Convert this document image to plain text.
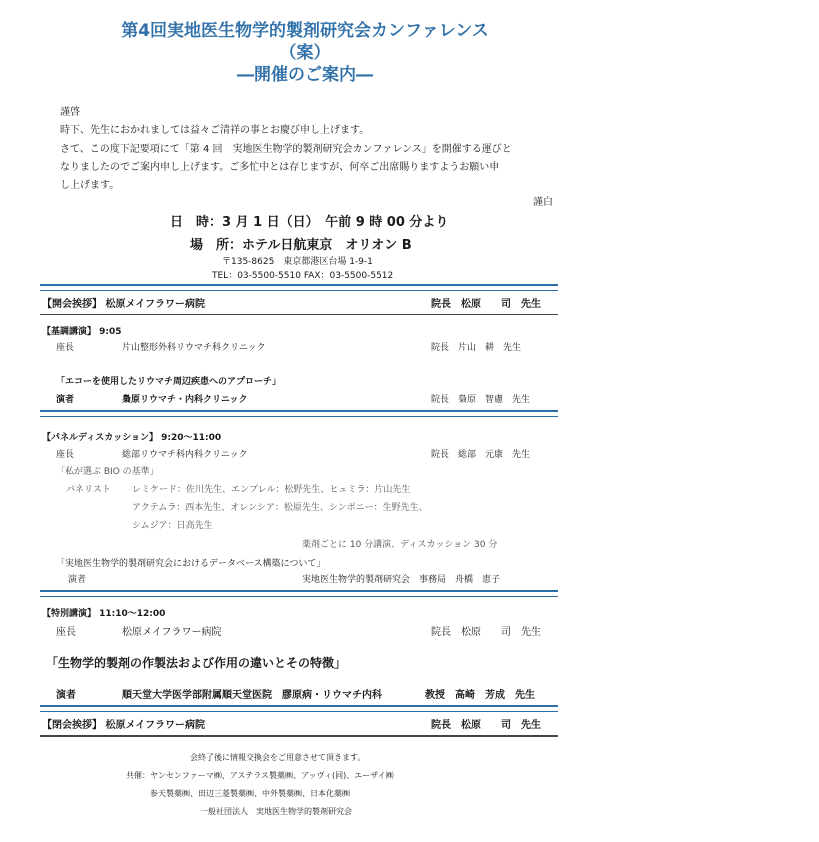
第4回実地医生物学的製剤研究会カンファレンス
（案）
―開催のご案内―
謹啓
時下、先生におかれましては益々ご清祥の事とお慶び申し上げます。
さて、この度下記要項にて「第 4 回　実地医生物学的製剤研究会カンファレンス」を開催する運びと
なりましたのでご案内申し上げます。ご多忙中とは存じますが、何卒ご出席賜りますようお願い申
し上げます。
謹白
日　時：3 月 1 日（日）　午前 9 時 00 分より
場　所：ホテル日航東京　オリオン B
〒135-8625　東京都港区台場 1-9-1
TEL：03-5500-5510 FAX：03-5500-5512
【開会挨拶】 松原メイフラワー病院	院長　松原　　司　先生
【基調講演】 9:05
座長	片山整形外科リウマチ科クリニック	院長　片山　耕　先生
「エコーを使用したリウマチ周辺疾患へのアプローチ」
演者	梟原リウマチ・内科クリニック	院長　梟原　智慮　先生
【パネルディスカッション】 9:20～11:00
座長	総部リウマチ科内科クリニック	院長　総部　元康　先生
「私が選ぶ BIO の基準」
パネリスト レミケード：佐川先生、エンブレル：松野先生、ヒュミラ：片山先生
アクテムラ：西本先生、オレンシア：松原先生、シンポニー：生野先生、
シムジア：日高先生
薬剤ごとに 10 分講演、ディスカッション 30 分
「実地医生物学的製剤研究会におけるデータベース構築について」
演者	実地医生物学的製剤研究会　事務局　舟橋　恵子
【特別講演】 11:10～12:00
座長	松原メイフラワー病院	院長　松原　　司　先生
「生物学的製剤の作製法および作用の違いとその特徴」
演者	順天堂大学医学部附属順天堂医院　膠原病・リウマチ内科	教授　高崎　芳成　先生
【閉会挨拶】 松原メイフラワー病院	院長　松原　　司　先生
会終了後に情報交換会をご用意させて頂きます。
共催：ヤンセンファーマ㈱、アステラス製薬㈱、アッヴィ(同)、エーザイ㈱
参天製薬㈱、田辺三菱製薬㈱、中外製薬㈱、日本化薬㈱
一般社団法人　実地医生物学的製剤研究会
